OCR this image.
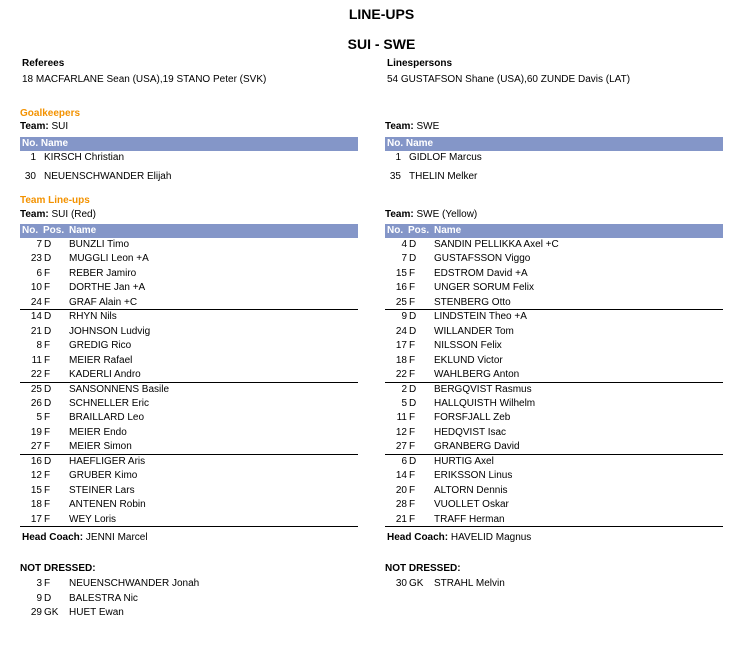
LINE-UPS
SUI - SWE
Referees
18 MACFARLANE Sean (USA),19 STANO Peter (SVK)
Linespersons
54 GUSTAFSON Shane (USA),60 ZUNDE Davis (LAT)
Goalkeepers
Team: SUI	Team: SWE
No. Name	No. Name
1 KIRSCH Christian
30 NEUENSCHWANDER Elijah
1 GIDLOF Marcus
35 THELIN Melker
Team Line-ups
Team: SUI (Red)	Team: SWE (Yellow)
No. Pos. Name	No. Pos. Name
7 D BUNZLI Timo
23 D MUGGLI Leon +A
6 F REBER Jamiro
10 F DORTHE Jan +A
24 F GRAF Alain +C
14 D RHYN Nils
21 D JOHNSON Ludvig
8 F GREDIG Rico
11 F MEIER Rafael
22 F KADERLI Andro
25 D SANSONNENS Basile
26 D SCHNELLER Eric
5 F BRAILLARD Leo
19 F MEIER Endo
27 F MEIER Simon
16 D HAEFLIGER Aris
12 F GRUBER Kimo
15 F STEINER Lars
18 F ANTENEN Robin
17 F WEY Loris
4 D SANDIN PELLIKKA Axel +C
7 D GUSTAFSSON Viggo
15 F EDSTROM David +A
16 F UNGER SORUM Felix
25 F STENBERG Otto
9 D LINDSTEIN Theo +A
24 D WILLANDER Tom
17 F NILSSON Felix
18 F EKLUND Victor
22 F WAHLBERG Anton
2 D BERGQVIST Rasmus
5 D HALLQUISTH Wilhelm
11 F FORSFJALL Zeb
12 F HEDQVIST Isac
27 F GRANBERG David
6 D HURTIG Axel
14 F ERIKSSON Linus
20 F ALTORN Dennis
28 F VUOLLET Oskar
21 F TRAFF Herman
Head Coach: JENNI Marcel	Head Coach: HAVELID Magnus
NOT DRESSED:	NOT DRESSED:
3 F NEUENSCHWANDER Jonah
9 D BALESTRA Nic
29 GK HUET Ewan
30 GK STRAHL Melvin
